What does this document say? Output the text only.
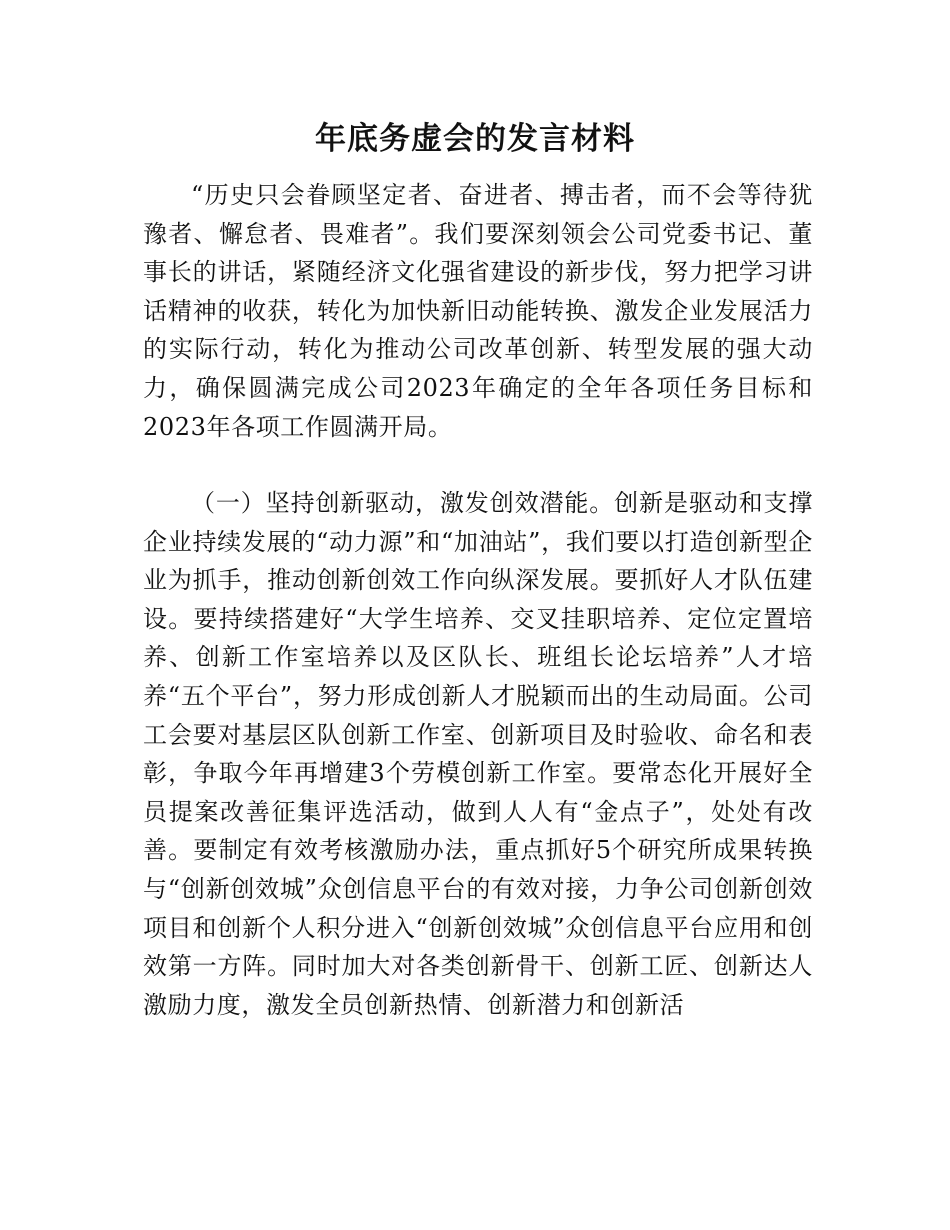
年底务虚会的发言材料

“历史只会眷顾坚定者、奋进者、搏击者，而不会等待犹豫者、懈怠者、畏难者”。我们要深刻领会公司党委书记、董事长的讲话，紧随经济文化强省建设的新步伐，努力把学习讲话精神的收获，转化为加快新旧动能转换、激发企业发展活力的实际行动，转化为推动公司改革创新、转型发展的强大动力，确保圆满完成公司2023年确定的全年各项任务目标和2023年各项工作圆满开局。

（一）坚持创新驱动，激发创效潜能。创新是驱动和支撑企业持续发展的“动力源”和“加油站”，我们要以打造创新型企业为抓手，推动创新创效工作向纵深发展。要抓好人才队伍建设。要持续搭建好“大学生培养、交叉挂职培养、定位定置培养、创新工作室培养以及区队长、班组长论坛培养”人才培养“五个平台”，努力形成创新人才脱颖而出的生动局面。公司工会要对基层区队创新工作室、创新项目及时验收、命名和表彰，争取今年再增建3个劳模创新工作室。要常态化开展好全员提案改善征集评选活动，做到人人有“金点子”，处处有改善。要制定有效考核激励办法，重点抓好5个研究所成果转换与“创新创效城”众创信息平台的有效对接，力争公司创新创效项目和创新个人积分进入“创新创效城”众创信息平台应用和创效第一方阵。同时加大对各类创新骨干、创新工匠、创新达人激励力度，激发全员创新热情、创新潜力和创新活
